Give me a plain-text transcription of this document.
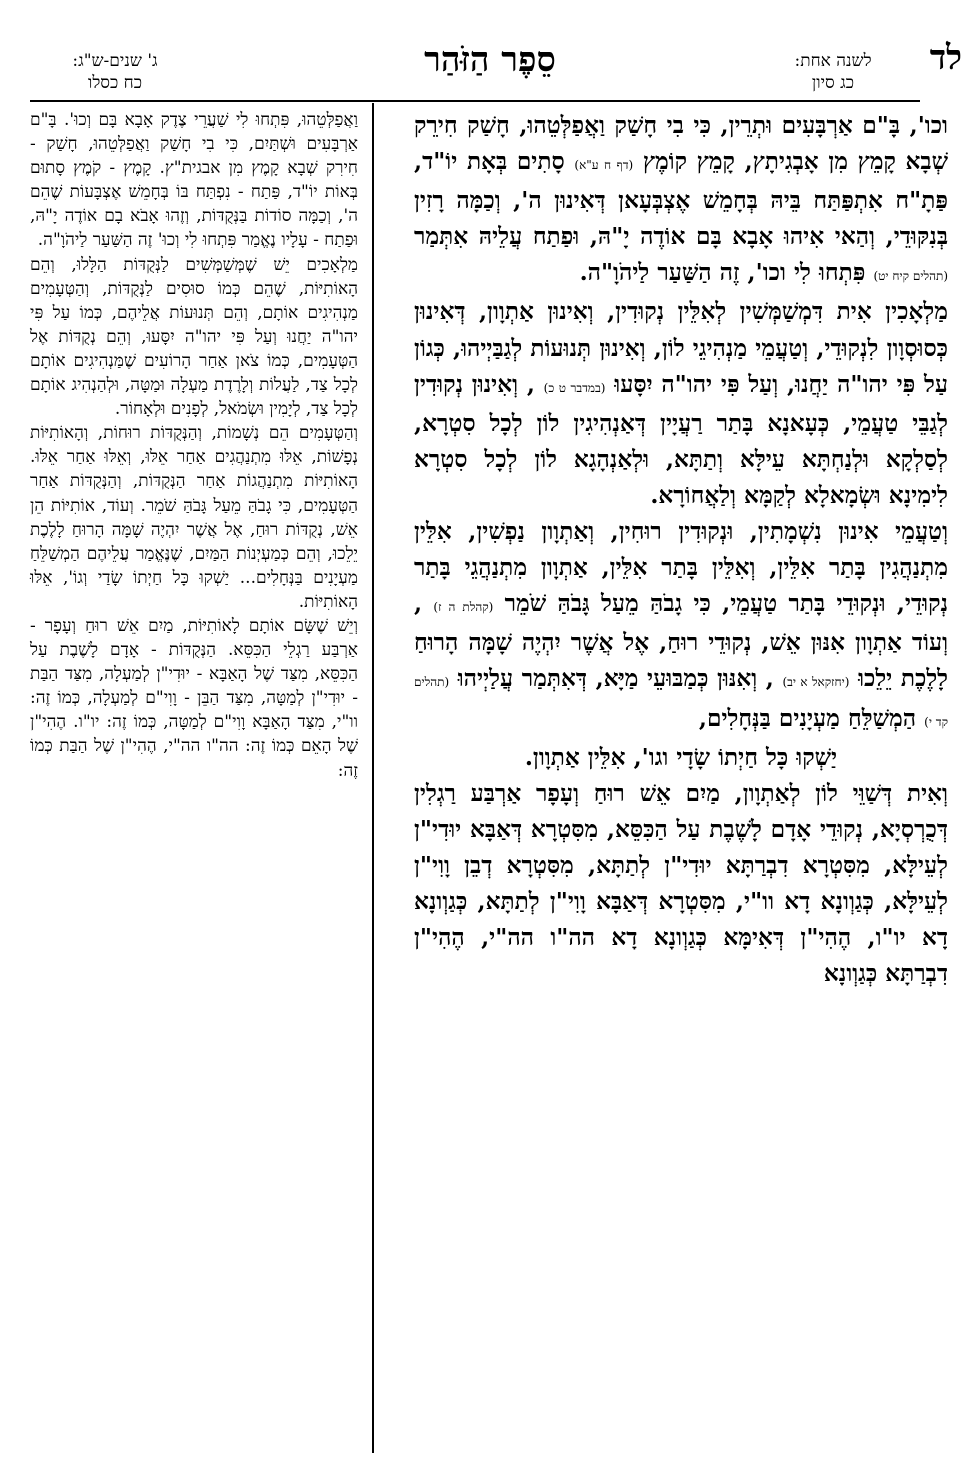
לד
לשנה אחת:
כג סיון
סֵפֶר הַזֹּהַר
ג' שנים-ש"ג:
כח כסלו

וכו', בָּ"ם אַרְבָּעִים וּתְרֵין, כִּי בִי חָשַׁק וַאֲפַלְּטֵהוּ, חָשַׁק חִירֵק שְׁבָא קָמֵץ מִן אָבְגִיתָץ, קָמֵץ קוֹמֶץ (דף ח ע"א) סָתִים בְּאָת יוֹ"ד, פַּתָ"ח אִתְפַּתַּח בֵּיהּ בְּחָמֵשׁ אֶצְבְּעָאן דְּאִינוּן ה', וְכַמָּה רָזִין בְּנִקּוּדֵי, וְהַאי אִיהוּ אָבָא בָּם אוֹדֶה יָ"הּ, וּפַתַח עֲלֵיהּ אִתְּמַר (תהלים קיח יט) פִּתְחוּ לִי וכו', זֶה הַשַּׁעַר לַיהֹוָ"ה.

מַלְאָכִין אִית דִּמְשַׁמְּשִׁין לְאִלֵּין נְקוּדִין, וְאִינוּן אַתְוָון, דְּאִינוּן כְּסוּסְוָון לִנְקוּדֵי, וְטַעֲמֵי מַנְהִיגֵי לוֹן, וְאִינוּן תְּנוּעוֹת לְגַבַּיְיהוּ, כְּגוֹן עַל פִּי יהו"ה יַחֲנוּ, וְעַל פִּי יהו"ה יִסָּעוּ (במדבר ט כ) , וְאִינוּן נְקוּדִין לְגַבֵּי טַעֲמֵי, כְּעָאנָא בָּתַר רַעֲיָין דְּאַנְהִיגִין לוֹן לְכָל סִטְרָא, לְסַלְקָא וּלְנַחְתָּא עֵילָּא וְתַתָּא, וּלְאַנְהָגָא לוֹן לְכָל סִטְרָא לִימִינָא וּשְׂמָאלָא לְקַמָּא וְלַאֲחוֹרָא.

וְטַעֲמֵי אִינוּן נִשְׁמָתִין, וּנְקוּדִין רוּחִין, וְאַתְוָון נַפְשִׁין, אִלֵּין מִתְנַהֲגִין בָּתַר אִלֵּין, וְאִלֵּין בָּתַר אִלֵּין, אַתְוָון מִתְנַהֲגֵי בָּתַר נְקוּדֵי, וּנְקוּדֵי בָּתַר טַעֲמֵי, כִּי גָבֹהַּ מֵעַל גָּבֹהַּ שֹׁמֵר (קהלת ה ז) , וְעוֹד אַתְוָון אִנּוּן אֵשׁ, נְקוּדֵי רוּחַ, אֶל אֲשֶׁר יִהְיֶה שָׁמָּה הָרוּחַ לָלֶכֶת יֵלֵכוּ (יחזקאל א יב) , וְאִנּוּן כְּמַבּוּעֵי מַיָּא, דְּאִתְּמַר עֲלַיְיהוּ (תהלים קד י) הַמְשַׁלֵּחַ מַעְיָנִים בַּנְּחָלִים,

יַשְׁקוּ כָּל חַיְתוֹ שָׂדָי וגו', אִלֵּין אַתְוָון.

וְאִית דְּשַׁוֵּי לוֹן לְאַתְוָון, מַיִם אֵשׁ רוּחַ וְעָפָר אַרְבַּע רַגְלִין דְּכֻרְסְיָא, נְקוּדֵי אָדָם לָשֶׁבֶת עַל הַכִּסֵּא, מִסִּטְרָא דְּאַבָּא יוּדִי"ן לְעֵילָּא, מִסִּטְרָא דִבְרַתָּא יוּדִי"ן לְתַתָּא, מִסִּטְרָא דְבֵן וָוִי"ן לְעֵילָּא, כְּגַוְונָא דָא וו"י, מִסִּטְרָא דְּאַבָּא וָוִי"ן לְתַתָּא, כְּגַוְונָא דָא יו"ו, הֶהִי"ן דְּאִימָּא כְּגַוְונָא דָא הה"ו הה"י, הֶהִי"ן דִבְרַתָּא כְּגַוְונָא

וַאֲפַלְּטֵהוּ, פִּתְחוּ לִי שַׁעֲרֵי צֶדֶק אָבָא בָּם וְכוּ'. בָּ"ם אַרְבָּעִים וּשְׁתַּיִם, כִּי בִי חָשַׁק וַאֲפַלְּטֵהוּ, חָשַׁק - חִירִק שְׁבָא קָמֶץ מִן אבגית"ץ. קָמֶץ - קֹמֶץ סָתוּם בְּאוֹת יוֹ"ד, פַּתַח - נִפְתַּח בּוֹ בְּחָמֵשׁ אֶצְבָּעוֹת שֶׁהֵם ה', וְכַמָּה סוֹדוֹת בַּנְּקֻדּוֹת, וְזֶהוּ אָבֹא בָם אוֹדֶה יָ"הּ, וּפַתַח - עָלָיו נֶאֱמַר פִּתְחוּ לִי וְכוּ' זֶה הַשַּׁעַר לַיהֹוָ"ה.

מַלְאָכִים יֵשׁ שֶׁמְּשַׁמְּשִׁים לַנְּקֻדּוֹת הַלָּלוּ, וְהֵם הָאוֹתִיּוֹת, שֶׁהֵם כְּמוֹ סוּסִים לַנְּקֻדּוֹת, וְהַטְּעָמִים מַנְהִיגִים אוֹתָם, וְהֵם תְּנוּעוֹת אֲלֵיהֶם, כְּמוֹ עַל פִּי יהו"ה יַחֲנוּ וְעַל פִּי יהו"ה יִסָּעוּ, וְהֵם נְקֻדּוֹת אֶל הַטְּעָמִים, כְּמוֹ צֹאן אַחַר הָרוֹעִים שֶׁמַּנְהִיגִים אוֹתָם לְכָל צַד, לַעֲלוֹת וְלָרֶדֶת מַעְלָה וּמַטָּה, וּלְהַנְהִיג אוֹתָם לְכָל צַד, לְיָמִין וּשְׂמֹאל, לְפָנִים וּלְאָחוֹר.

וְהַטְּעָמִים הֵם נְשָׁמוֹת, וְהַנְּקֻדּוֹת רוּחוֹת, וְהָאוֹתִיּוֹת נְפָשׁוֹת, אֵלּוּ מִתְנַהֲגִים אַחַר אֵלּוּ, וְאֵלּוּ אַחַר אֵלּוּ. הָאוֹתִיּוֹת מִתְנַהֲגוֹת אַחַר הַנְּקֻדּוֹת, וְהַנְּקֻדּוֹת אַחַר הַטְּעָמִים, כִּי גָבֹהַּ מֵעַל גָּבֹהַּ שֹׁמֵר. וְעוֹד, אוֹתִיּוֹת הֵן אֵשׁ, נְקֻדּוֹת רוּחַ, אֶל אֲשֶׁר יִהְיֶה שָׁמָּה הָרוּחַ לָלֶכֶת יֵלֵכוּ, וְהֵם כְּמַעְיְנוֹת הַמַּיִם, שֶׁנֶּאֱמַר עֲלֵיהֶם הַמְשַׁלֵּחַ מַעְיָנִים בַּנְּחָלִים... יַשְׁקוּ כָּל חַיְתוֹ שָׂדַי וְגוֹ', אֵלּוּ הָאוֹתִיּוֹת.

וְיֵשׁ שֶׁשָּׂם אוֹתָם לָאוֹתִיּוֹת, מַיִם אֵשׁ רוּחַ וְעָפָר - אַרְבַּע רַגְלֵי הַכִּסֵּא. הַנְּקֻדּוֹת - אָדָם לָשֶׁבֶת עַל הַכִּסֵּא, מִצַּד שֶׁל הָאַבָּא - יוּדִי"ן לְמַעְלָה, מִצַּד הַבַּת - יוּדִי"ן לְמַטָּה, מִצַּד הַבֵּן - וָוִי"ם לְמַעְלָה, כְּמוֹ זֶה: וו"י, מִצַּד הָאַבָּא וָוִי"ם לְמַטָּה, כְּמוֹ זֶה: יו"ו. הֶהִי"ן שֶׁל הָאֵם כְּמוֹ זֶה: הה"ו הה"י, הֶהִי"ן שֶׁל הַבַּת כְּמוֹ זֶה:
